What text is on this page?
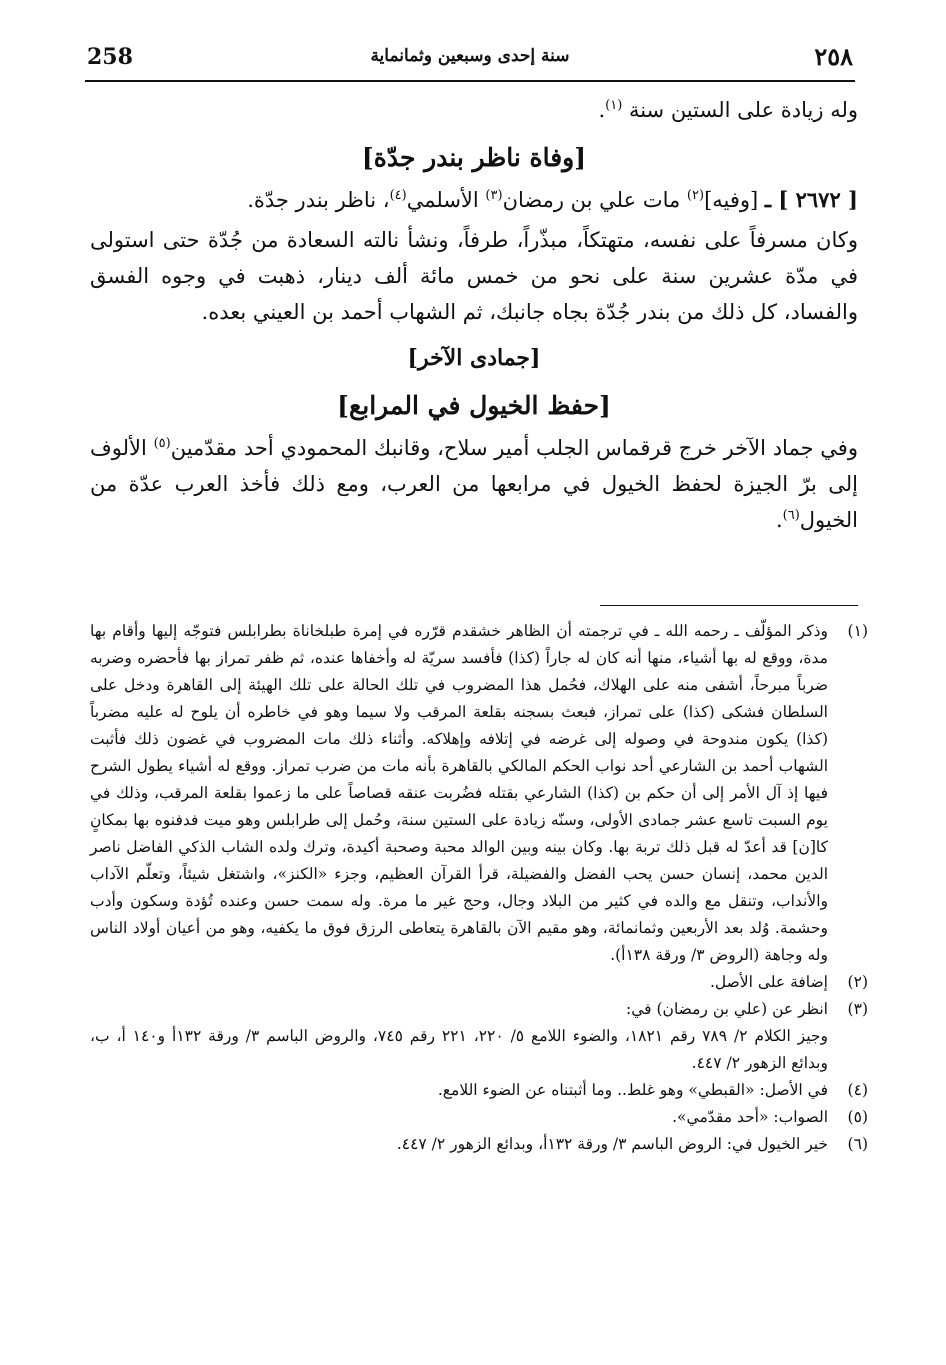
258	سنة إحدى وسبعين وثمانماية	٢٥٨

وله زيادة على الستين سنة $^{(١)}$.

[وفاة ناظر بندر جدّة]

[ ٢٦٧٢ ] ـ [وفيه]$^{(٢)}$ مات علي بن رمضان$^{(٣)}$ الأسلمي$^{(٤)}$، ناظر بندر جدّة.

وكان مسرفاً على نفسه، متهتكاً، مبذّراً، طرفاً، ونشأ نالته السعادة من جُدّة حتى استولى في مدّة عشرين سنة على نحو من خمس مائة ألف دينار، ذهبت في وجوه الفسق والفساد، كل ذلك من بندر جُدّة بجاه جانبك، ثم الشهاب أحمد بن العيني بعده.

[جمادى الآخر]
[حفظ الخيول في المرابع]

وفي جماد الآخر خرج قرقماس الجلب أمير سلاح، وقانبك المحمودي أحد مقدّمين$^{(٥)}$ الألوف إلى برّ الجيزة لحفظ الخيول في مرابعها من العرب، ومع ذلك فأخذ العرب عدّة من الخيول$^{(٦)}$.

(١)

وذكر المؤلّف ـ رحمه الله ـ في ترجمته أن الظاهر خشقدم قرّره في إمرة طبلخاناة بطرابلس فتوجّه إليها وأقام بها مدة، ووقع له بها أشياء، منها أنه كان له جاراً (كذا) فأفسد سريّة له وأخفاها عنده، ثم ظفر تمراز بها فأحضره وضربه ضرباً مبرحاً، أشفى منه على الهلاك، فحُمل هذا المضروب في تلك الحالة على تلك الهيئة إلى القاهرة ودخل على السلطان فشكى (كذا) على تمراز، فبعث بسجنه بقلعة المرقب ولا سيما وهو في خاطره أن يلوح له عليه مضرباً (كذا) يكون مندوحة في وصوله إلى غرضه في إتلافه وإهلاكه. وأثناء ذلك مات المضروب في غضون ذلك فأثبت الشهاب أحمد بن الشارعي أحد نواب الحكم المالكي بالقاهرة بأنه مات من ضرب تمراز. ووقع له أشياء يطول الشرح فيها إذ آل الأمر إلى أن حكم بن (كذا) الشارعي بقتله فضُربت عنقه قصاصاً على ما زعموا بقلعة المرقب، وذلك في يوم السبت تاسع عشر جمادى الأولى، وسنّه زيادة على الستين سنة، وحُمل إلى طرابلس وهو ميت فدفنوه بها بمكانٍ كا[ن] قد أعدّ له قبل ذلك تربة بها. وكان بينه وبين الوالد محبة وصحبة أكيدة، وترك ولده الشاب الذكي الفاضل ناصر الدين محمد، إنسان حسن يحب الفضل والفضيلة، قرأ القرآن العظيم، وجزء «الكنز»، واشتغل شيئاً، وتعلّم الآداب والأنداب، وتنقل مع والده في كثير من البلاد وجال، وحج غير ما مرة. وله سمت حسن وعنده تُؤدة وسكون وأدب وحشمة. وُلد بعد الأربعين وثمانمائة، وهو مقيم الآن بالقاهرة يتعاطى الرزق فوق ما يكفيه، وهو من أعيان أولاد الناس وله وجاهة (الروض ٣/ ورقة ١٣٨أ).

(٢)

إضافة على الأصل.

(٣)

انظر عن (علي بن رمضان) في:

وجيز الكلام ٢/ ٧٨٩ رقم ١٨٢١، والضوء اللامع ٥/ ٢٢٠، ٢٢١ رقم ٧٤٥، والروض الباسم ٣/ ورقة ١٣٢أ و١٤٠ أ، ب، وبدائع الزهور ٢/ ٤٤٧.

(٤)

في الأصل: «القبطي» وهو غلط.. وما أثبتناه عن الضوء اللامع.

(٥)

الصواب: «أحد مقدّمي».

(٦)

خير الخيول في: الروض الباسم ٣/ ورقة ١٣٢أ، وبدائع الزهور ٢/ ٤٤٧.
